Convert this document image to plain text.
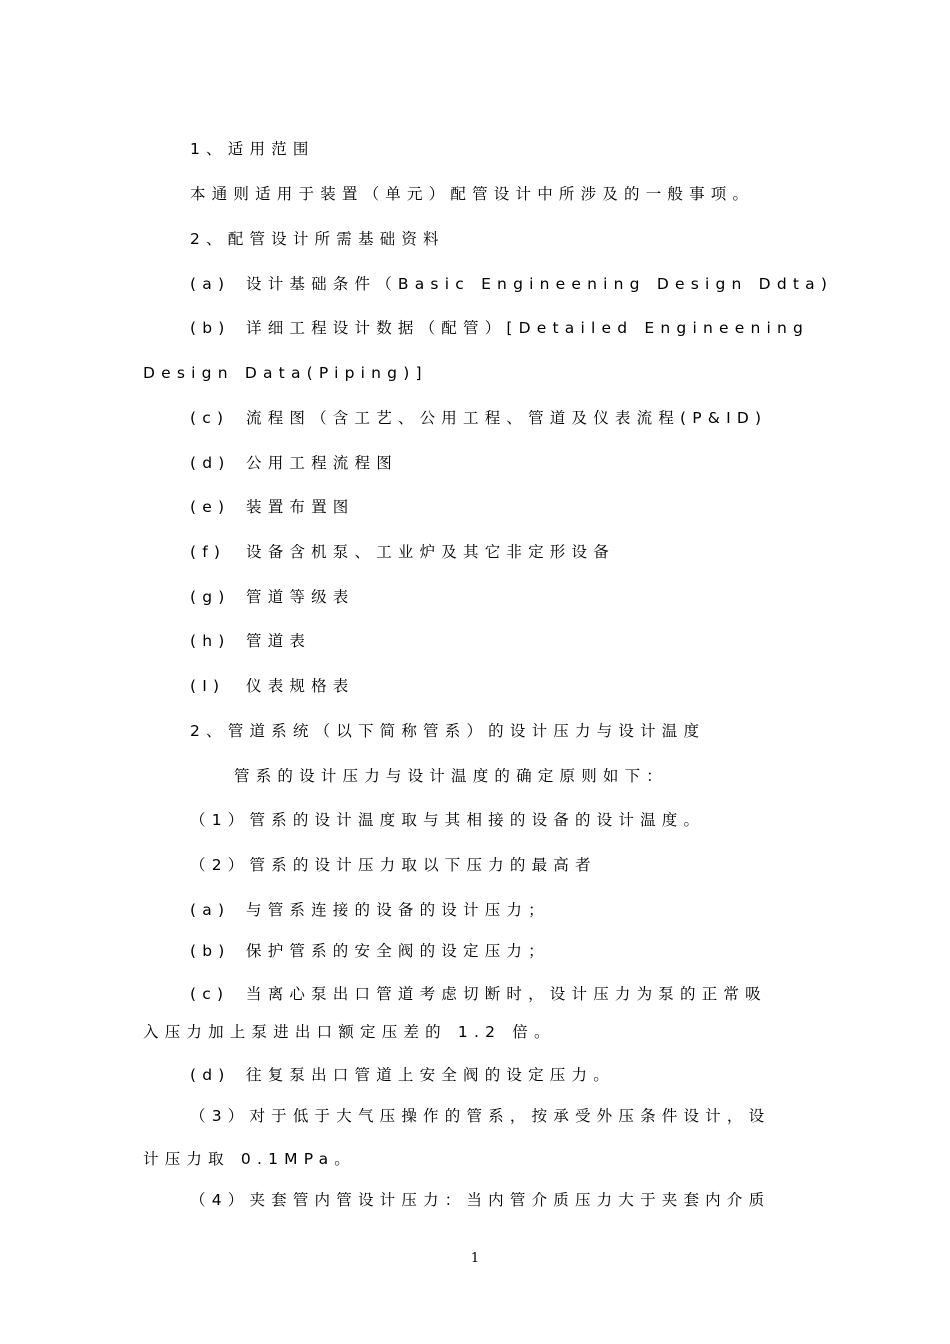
1、适用范围
本通则适用于装置（单元）配管设计中所涉及的一般事项。
2、配管设计所需基础资料
(a) 设计基础条件（Basic Engineening Design Ddta)
(b) 详细工程设计数据（配管）[Detailed Engineening
Design Data(Piping)]
(c) 流程图（含工艺、公用工程、管道及仪表流程(P&ID)
(d) 公用工程流程图
(e) 装置布置图
(f) 设备含机泵、工业炉及其它非定形设备
(g) 管道等级表
(h) 管道表
(I) 仪表规格表
2、管道系统（以下简称管系）的设计压力与设计温度
管系的设计压力与设计温度的确定原则如下：
（1）管系的设计温度取与其相接的设备的设计温度。
（2）管系的设计压力取以下压力的最高者
(a) 与管系连接的设备的设计压力；
(b) 保护管系的安全阀的设定压力；
(c) 当离心泵出口管道考虑切断时，设计压力为泵的正常吸
入压力加上泵进出口额定压差的 1.2 倍。
(d) 往复泵出口管道上安全阀的设定压力。
（3）对于低于大气压操作的管系，按承受外压条件设计，设
计压力取 0.1MPa。
（4）夹套管内管设计压力：当内管介质压力大于夹套内介质
1
